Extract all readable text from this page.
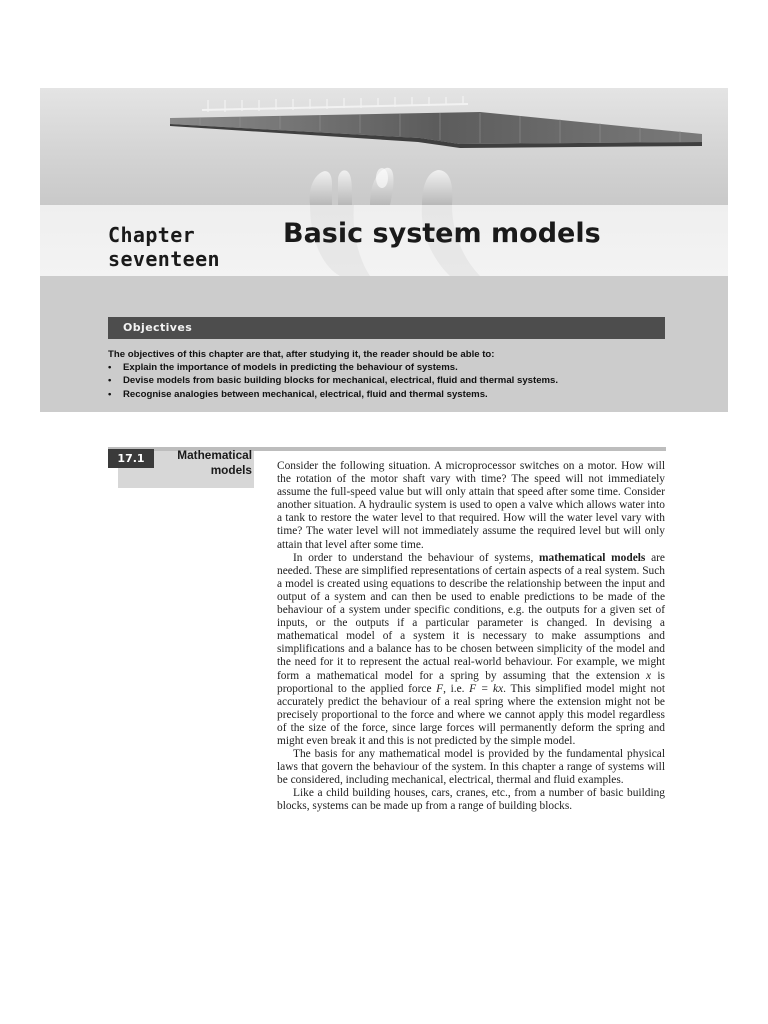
Chapter
seventeen

Basic system models
Objectives

The objectives of this chapter are that, after studying it, the reader should be able to:

• Explain the importance of models in predicting the behaviour of systems.
• Devise models from basic building blocks for mechanical, electrical, fluid and thermal systems.
• Recognise analogies between mechanical, electrical, fluid and thermal systems.
17.1	Mathematical
models Consider the following situation. A microprocessor switches on a motor. How will the rotation of the motor shaft vary with time? The speed will not immediately assume the full-speed value but will only attain that speed after some time. Consider another situation. A hydraulic system is used to open a valve which allows water into a tank to restore the water level to that required. How will the water level vary with time? The water level will not immediately assume the required level but will only attain that level after some time.

In order to understand the behaviour of systems, mathematical models are needed. These are simplified representations of certain aspects of a real system. Such a model is created using equations to describe the relationship between the input and output of a system and can then be used to enable predictions to be made of the behaviour of a system under specific conditions, e.g. the outputs for a given set of inputs, or the outputs if a particular parameter is changed. In devising a mathematical model of a system it is necessary to make assumptions and simplifications and a balance has to be chosen between simplicity of the model and the need for it to represent the actual real-world behaviour. For example, we might form a mathematical model for a spring by assuming that the extension x is proportional to the applied force F, i.e. F = kx. This simplified model might not accurately predict the behaviour of a real spring where the extension might not be precisely proportional to the force and where we cannot apply this model regardless of the size of the force, since large forces will permanently deform the spring and might even break it and this is not predicted by the simple model.

The basis for any mathematical model is provided by the fundamental physical laws that govern the behaviour of the system. In this chapter a range of systems will be considered, including mechanical, electrical, thermal and fluid examples.

Like a child building houses, cars, cranes, etc., from a number of basic building blocks, systems can be made up from a range of building blocks.
